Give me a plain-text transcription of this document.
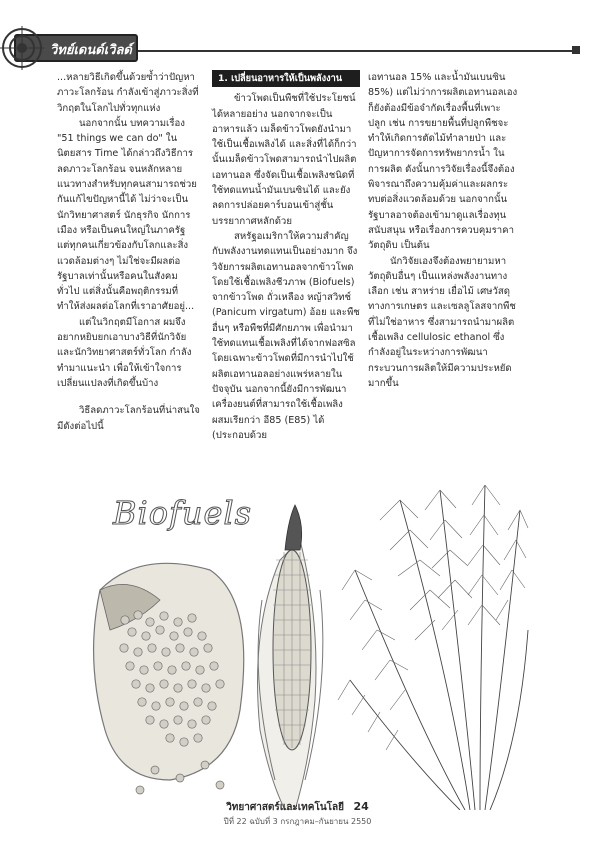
วิทย์เดนด์เวิลด์

...หลายวิธีเกิดขึ้นด้วยซ้ำว่าปัญหาภาวะโลกร้อน กำลังเข้าสู่ภาวะสิ่งที่วิกฤตในโลกไปทั่วทุกแห่ง

นอกจากนั้น บทความเรื่อง "51 things we can do" ใน นิตยสาร Time ได้กล่าวถึงวิธีการลดภาวะโลกร้อน จนหลักหลายแนวทางสำหรับทุกคนสามารถช่วยกันแก้ไขปัญหานี้ได้ ไม่ว่าจะเป็นนักวิทยาศาสตร์ นักธุรกิจ นักการเมือง หรือเป็นคนใหญ่ในภาครัฐ แต่ทุกคนเกี่ยวข้องกับโลกและสิ่งแวดล้อมต่างๆ ไม่ใช่จะมีผลต่อรัฐบาลเท่านั้นหรือคนในสังคมทั่วไป แต่สิ่งนั้นคือพฤติกรรมที่ทำให้ส่งผลต่อโลกที่เราอาศัยอยู่...

แต่ในวิกฤตมีโอกาส ผมจึงอยากหยิบยกเอาบางวิธีที่นักวิจัยและนักวิทยาศาสตร์ทั่วโลก กำลังทำมาแนะนำ เพื่อให้เข้าใจการเปลี่ยนแปลงที่เกิดขึ้นบ้าง

วิธีลดภาวะโลกร้อนที่น่าสนใจมีดังต่อไปนี้

1. เปลี่ยนอาหารให้เป็นพลังงาน

ข้าวโพดเป็นพืชที่ใช้ประโยชน์ได้หลายอย่าง นอกจากจะเป็นอาหารแล้ว เมล็ดข้าวโพดยังนำมาใช้เป็นเชื้อเพลิงได้ และสิ่งที่ได้ก็กว่านั้นเมล็ดข้าวโพดสามารถนำไปผลิตเอทานอล ซึ่งจัดเป็นเชื้อเพลิงชนิดที่ใช้ทดแทนน้ำมันเบนซินได้ และยังลดการปล่อยคาร์บอนเข้าสู่ชั้นบรรยากาศหลักด้วย

สหรัฐอเมริกาให้ความสำคัญกับพลังงานทดแทนเป็นอย่างมาก จึงวิจัยการผลิตเอทานอลจากข้าวโพดโดยใช้เชื้อเพลิงชีวภาพ (Biofuels) จากข้าวโพด ถั่วเหลือง หญ้าสวิทช์ (Panicum virgatum) อ้อย และพืชอื่นๆ หรือพืชที่มีศักยภาพ เพื่อนำมาใช้ทดแทนเชื้อเพลิงที่ได้จากฟอสซิล โดยเฉพาะข้าวโพดที่มีการนำไปใช้ผลิตเอทานอลอย่างแพร่หลายในปัจจุบัน นอกจากนี้ยังมีการพัฒนาเครื่องยนต์ที่สามารถใช้เชื้อเพลิงผสมเรียกว่า อี85 (E85) ได้ (ประกอบด้วย

เอทานอล 15% และน้ำมันเบนซิน 85%) แต่ไม่ว่าการผลิตเอทานอลเอง ก็ยังต้องมีข้อจำกัดเรื่องพื้นที่เพาะปลูก เช่น การขยายพื้นที่ปลูกพืชจะทำให้เกิดการตัดไม้ทำลายป่า และปัญหาการจัดการทรัพยากรน้ำ ในการผลิต ดังนั้นการวิจัยเรื่องนี้จึงต้องพิจารณาถึงความคุ้มค่าและผลกระทบต่อสิ่งแวดล้อมด้วย นอกจากนั้นรัฐบาลอาจต้องเข้ามาดูแลเรื่องทุนสนับสนุน หรือเรื่องการควบคุมราคาวัตถุดิบ เป็นต้น

นักวิจัยเองจึงต้องพยายามหาวัตถุดิบอื่นๆ เป็นแหล่งพลังงานทางเลือก เช่น สาหร่าย เยื่อไม้ เศษวัสดุทางการเกษตร และเซลลูโลสจากพืชที่ไม่ใช่อาหาร ซึ่งสามารถนำมาผลิตเชื้อเพลิง cellulosic ethanol ซึ่งกำลังอยู่ในระหว่างการพัฒนากระบวนการผลิตให้มีความประหยัดมากขึ้น

Biofuels
วิทยาศาสตร์และเทคโนโลยี 24
ปีที่ 22 ฉบับที่ 3 กรกฎาคม–กันยายน 2550
